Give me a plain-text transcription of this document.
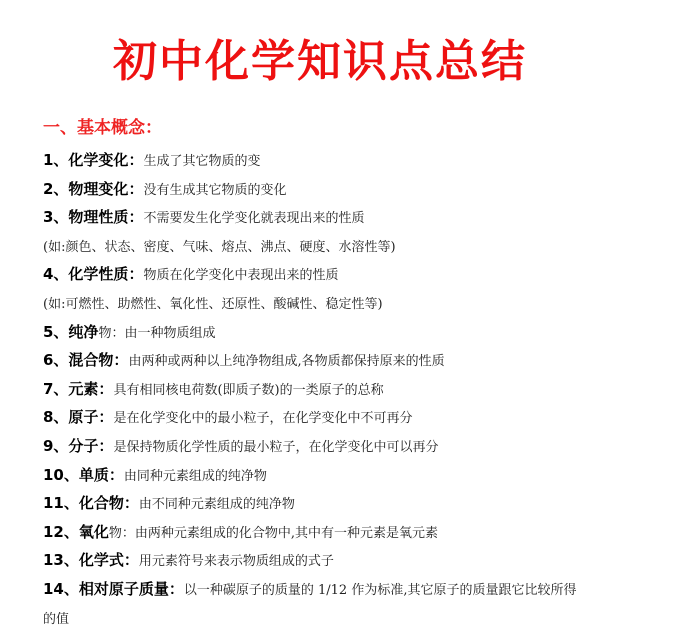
初中化学知识点总结
一、基本概念：
1、化学变化：生成了其它物质的变
2、物理变化：没有生成其它物质的变化
3、物理性质：不需要发生化学变化就表现出来的性质
(如:颜色、状态、密度、气味、熔点、沸点、硬度、水溶性等)
4、化学性质：物质在化学变化中表现出来的性质
(如:可燃性、助燃性、氧化性、还原性、酸碱性、稳定性等)
5、纯净物：由一种物质组成
6、混合物：由两种或两种以上纯净物组成,各物质都保持原来的性质
7、元素：具有相同核电荷数(即质子数)的一类原子的总称
8、原子：是在化学变化中的最小粒子，在化学变化中不可再分
9、分子：是保持物质化学性质的最小粒子，在化学变化中可以再分
10、单质：由同种元素组成的纯净物
11、化合物：由不同种元素组成的纯净物
12、氧化物：由两种元素组成的化合物中,其中有一种元素是氧元素
13、化学式：用元素符号来表示物质组成的式子
14、相对原子质量：以一种碳原子的质量的 1/12 作为标准,其它原子的质量跟它比较所得
的值
